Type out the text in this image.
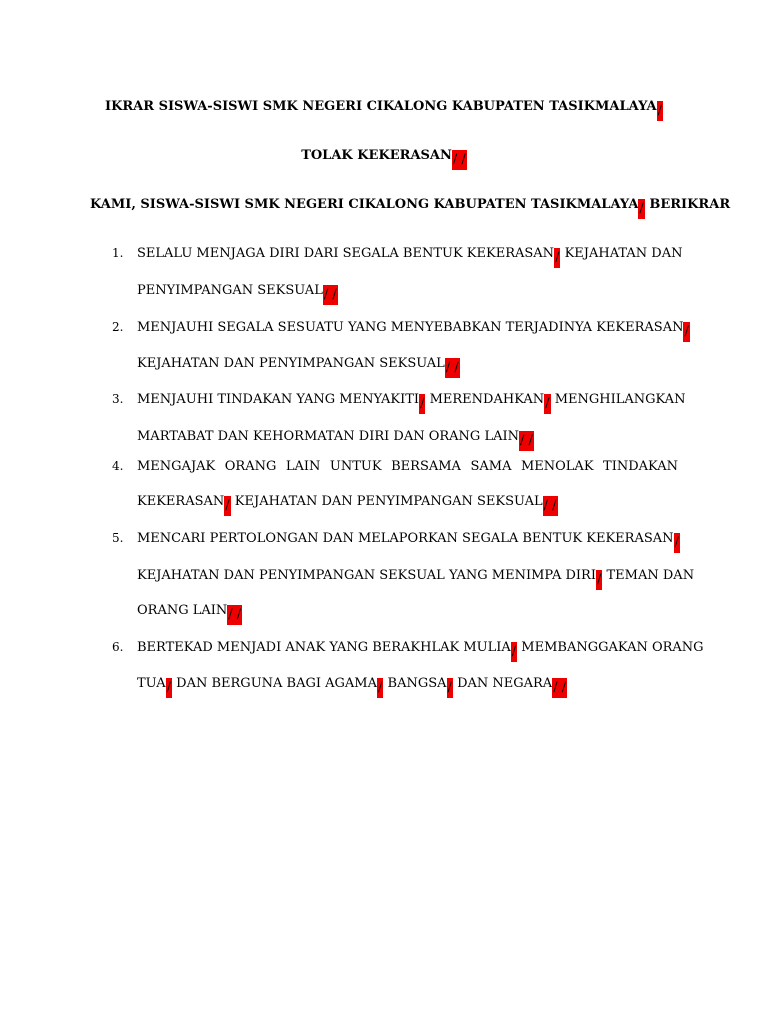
IKRAR SISWA-SISWI SMK NEGERI CIKALONG KABUPATEN TASIKMALAYA/
TOLAK KEKERASAN/ /
KAMI, SISWA-SISWI SMK NEGERI CIKALONG KABUPATEN TASIKMALAYA/ BERIKRAR
1. SELALU MENJAGA DIRI DARI SEGALA BENTUK KEKERASAN/ KEJAHATAN DAN
PENYIMPANGAN SEKSUAL/ /
2. MENJAUHI SEGALA SESUATU YANG MENYEBABKAN TERJADINYA KEKERASAN/
KEJAHATAN DAN PENYIMPANGAN SEKSUAL/ /
3. MENJAUHI TINDAKAN YANG MENYAKITI/ MERENDAHKAN/ MENGHILANGKAN
MARTABAT DAN KEHORMATAN DIRI DAN ORANG LAIN/ /
4. MENGAJAK ORANG LAIN UNTUK BERSAMA SAMA MENOLAK TINDAKAN
KEKERASAN/ KEJAHATAN DAN PENYIMPANGAN SEKSUAL/ /
5. MENCARI PERTOLONGAN DAN MELAPORKAN SEGALA BENTUK KEKERASAN/
KEJAHATAN DAN PENYIMPANGAN SEKSUAL YANG MENIMPA DIRI/ TEMAN DAN
ORANG LAIN/ /
6. BERTEKAD MENJADI ANAK YANG BERAKHLAK MULIA/ MEMBANGGAKAN ORANG
TUA/ DAN BERGUNA BAGI AGAMA/ BANGSA/ DAN NEGARA/ /
